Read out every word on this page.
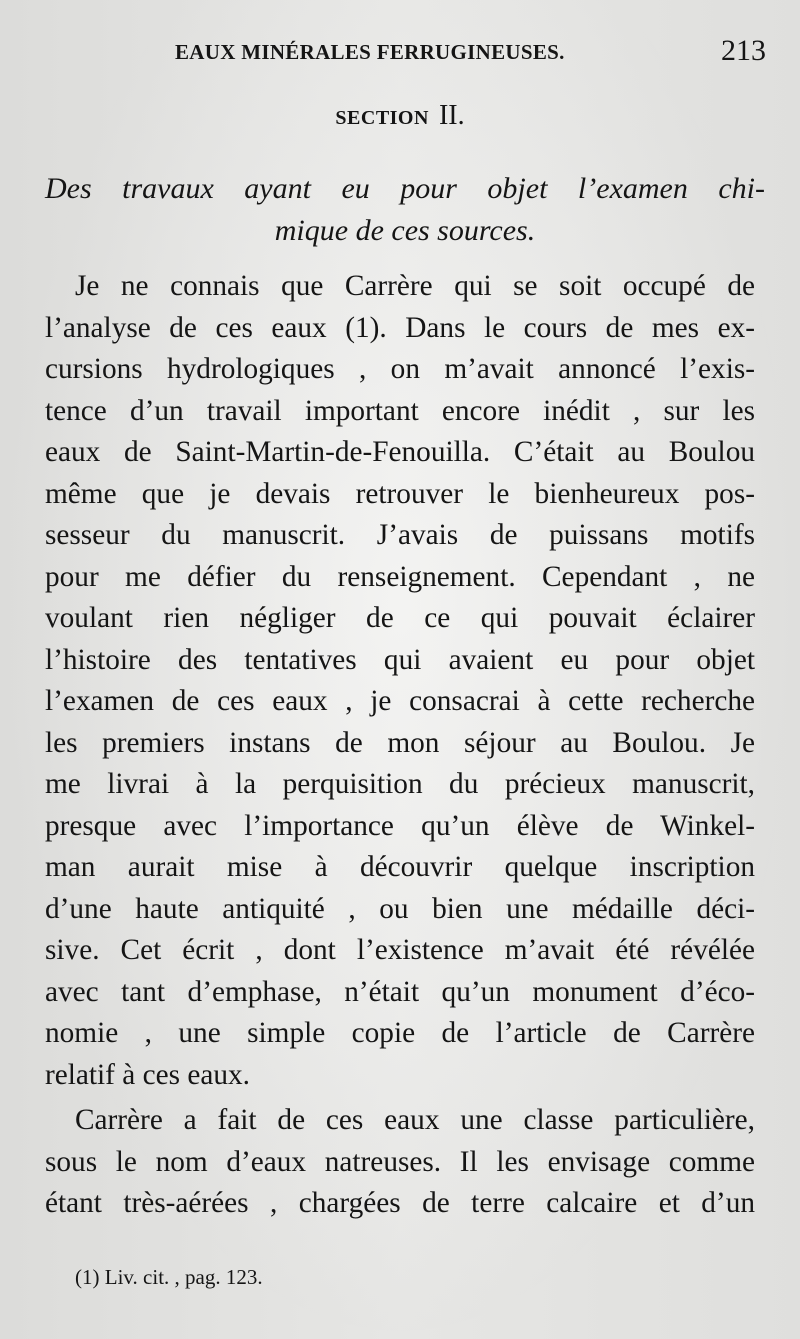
EAUX MINÉRALES FERRUGINEUSES.	213
SECTION II.
Des travaux ayant eu pour objet l’examen chi-
mique de ces sources.

Je ne connais que Carrère qui se soit occupé de
l’analyse de ces eaux (1). Dans le cours de mes ex-
cursions hydrologiques , on m’avait annoncé l’exis-
tence d’un travail important encore inédit , sur les
eaux de Saint-Martin-de-Fenouilla. C’était au Boulou
même que je devais retrouver le bienheureux pos-
sesseur du manuscrit. J’avais de puissans motifs
pour me défier du renseignement. Cependant , ne
voulant rien négliger de ce qui pouvait éclairer
l’histoire des tentatives qui avaient eu pour objet
l’examen de ces eaux , je consacrai à cette recherche
les premiers instans de mon séjour au Boulou. Je
me livrai à la perquisition du précieux manuscrit,
presque avec l’importance qu’un élève de Winkel-
man aurait mise à découvrir quelque inscription
d’une haute antiquité , ou bien une médaille déci-
sive. Cet écrit , dont l’existence m’avait été révélée
avec tant d’emphase, n’était qu’un monument d’éco-
nomie , une simple copie de l’article de Carrère
relatif à ces eaux.

Carrère a fait de ces eaux une classe particulière,
sous le nom d’eaux natreuses. Il les envisage comme
étant très-aérées , chargées de terre calcaire et d’un

(1) Liv. cit. , pag. 123.
